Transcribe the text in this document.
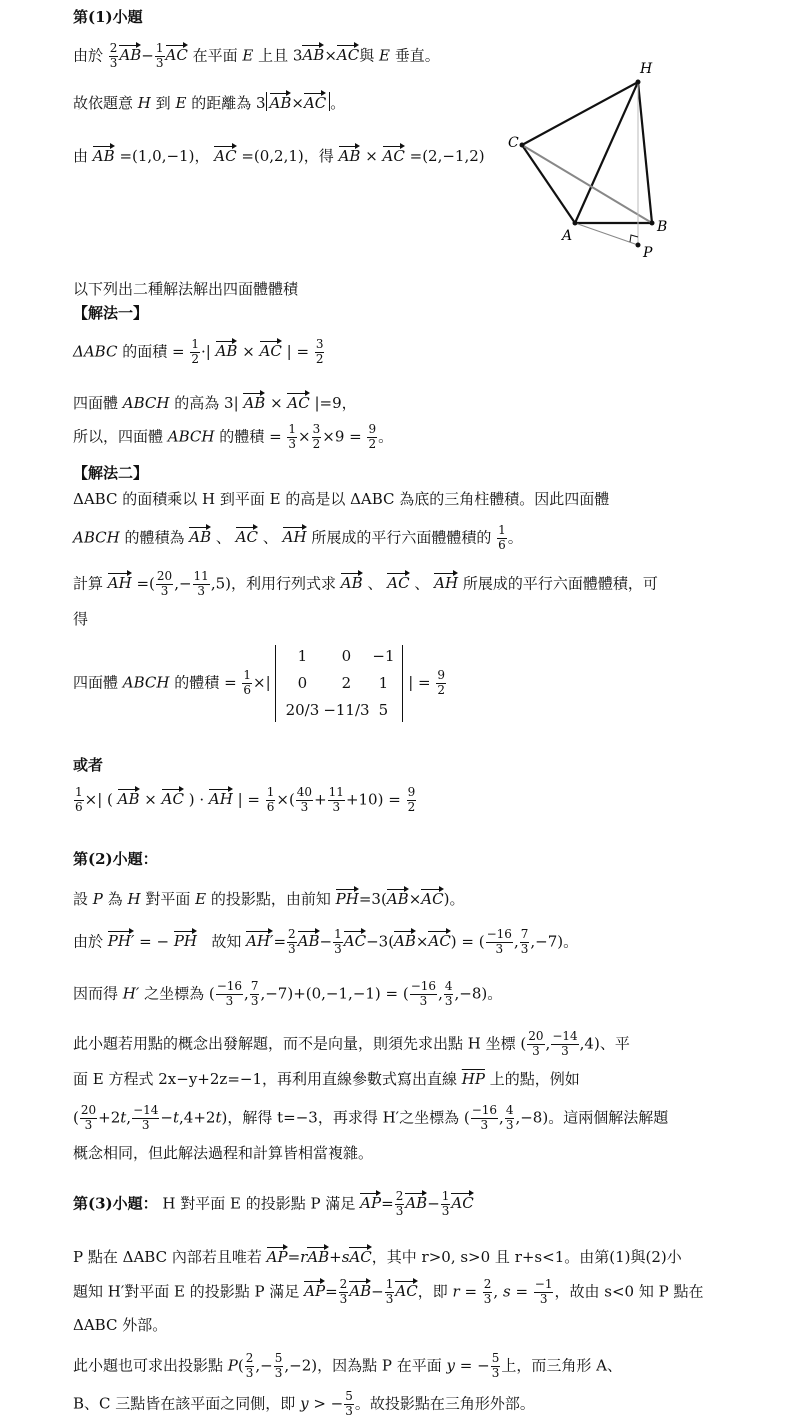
第(1)小題
由於 $\frac{2}{3} AB- \frac{1}{3}$ AC 在平面 E 上且 3AB×AC與 E 垂直。
故依題意 H 到 E 的距離為 3 AB×AC 。
由 AB =(1,0,−1)， AC =(0,2,1)，得 AB × AC =(2,−1,2)
H
C
A
B
P
以下列出二種解法解出四面體體積
【解法一】
ΔABC 的面積 = $\frac{1}{2}$ ·| AB × AC | = $\frac{3}{2}$
四面體 ABCH 的高為 3| AB × AC |=9，
所以，四面體 ABCH 的體積 = $\frac{1}{3} \times \frac{3}{2} \times 9 = \frac{9}{2}$ 。
【解法二】
ΔABC 的面積乘以 H 到平面 E 的高是以 ΔABC 為底的三角柱體積。因此四面體
ABCH 的體積為 AB 、 AC 、 AH 所展成的平行六面體體積的 $\frac{1}{6}$ 。
計算 AH =( $\frac{20}{3}$ ,− $\frac{11}{3} ,5$)，利用行列式求 AB 、 AC 、 AH 所展成的平行六面體體積，可
得
四面體 ABCH 的體積 = $\frac{1}{6}$ ×|
1	0	−1
0	2	1
20/3 −11/3 5
| = $\frac{9}{2}$
或者
$\frac{1}{6}$ ×| ( AB × AC ) · AH | = $\frac{1}{6}$ ×( $\frac{40}{3} + \frac{11}{3} +10) = \frac{9}{2}$
第(2)小題：
設 P 為 H 對平面 E 的投影點，由前知 PH=3(AB×AC)。
由於 PH′ = − PH 故知 $AH'= \frac{2}{3} AB- \frac{1}{3} AC-3(AB\times AC)$ = ( $\frac{-16}{3}$ , $\frac{7}{3} ,-7$)。
因而得 H′ 之坐標為 ( $\frac{-16}{3}$ , $\frac{7}{3} ,-7)+(0,-1,-1)$ = ( $\frac{-16}{3}$ , $\frac{4}{3} ,-8$)。
此小題若用點的概念出發解題，而不是向量，則須先求出點 H 坐標 ( $\frac{20}{3}$ , $\frac{-14}{3} ,4$)、平
面 E 方程式 2x−y+2z=−1，再利用直線參數式寫出直線 $\overline{HP}$ 上的點，例如
( $\frac{20}{3} +2t$, $\frac{-14}{3} -t,4+2t$)，解得 t=−3，再求得 H′之坐標為 ( $\frac{-16}{3}$ , $\frac{4}{3} ,-8$)。這兩個解法解題
概念相同，但此解法過程和計算皆相當複雜。
第(3)小題： H 對平面 E 的投影點 P 滿足 $AP= \frac{2}{3} AB- \frac{1}{3}$ AC
P 點在 ΔABC 內部若且唯若 AP=rAB+sAC，其中 r>0, s>0 且 r+s<1。由第(1)與(2)小
題知 H′對平面 E 的投影點 P 滿足 $AP= \frac{2}{3} AB- \frac{1}{3}$ AC，即 $r = \frac{2}{3}$ , $s = \frac{-1}{3}$ ，故由 s<0 知 P 點在
ΔABC 外部。
此小題也可求出投影點 $P( \frac{2}{3}$ ,− $\frac{5}{3} ,-2$)，因為點 P 在平面 y = − $\frac{5}{3}$ 上，而三角形 A、
B、C 三點皆在該平面之同側，即 y > − $\frac{5}{3}$ 。故投影點在三角形外部。
